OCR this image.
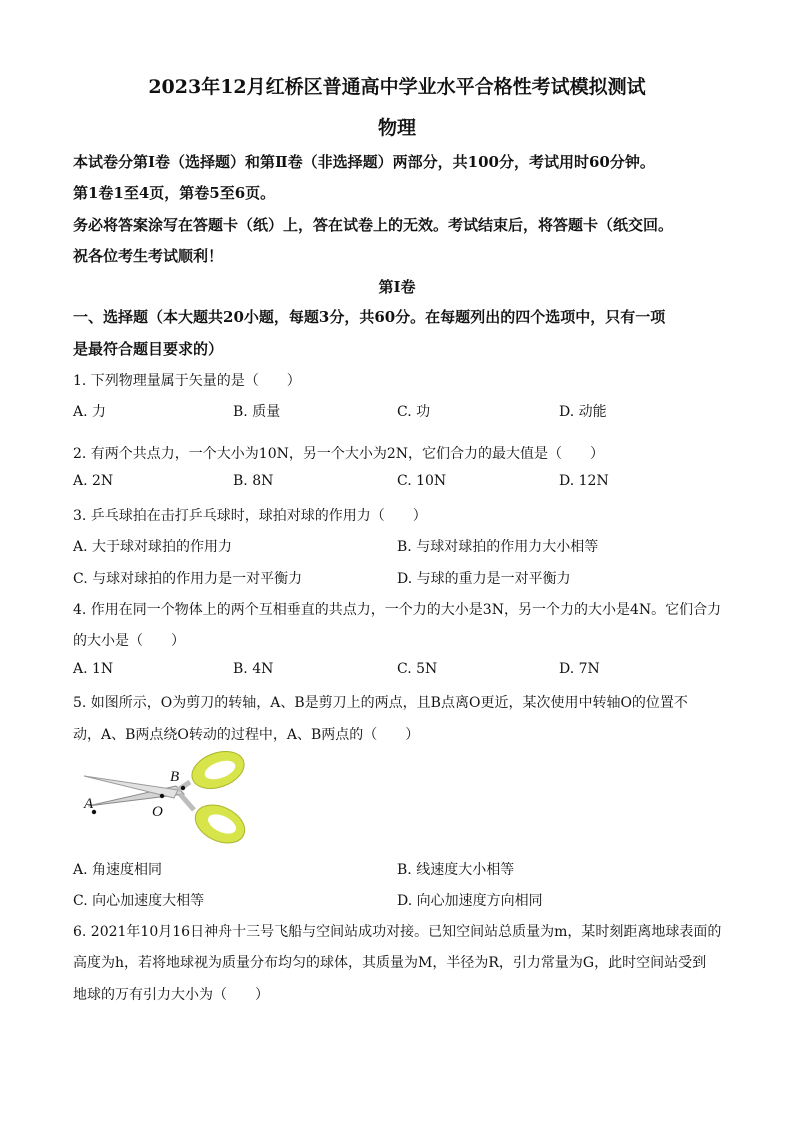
2023年12月红桥区普通高中学业水平合格性考试模拟测试
物理
本试卷分第Ⅰ卷（选择题）和第Ⅱ卷（非选择题）两部分，共100分，考试用时60分钟。
第1卷1至4页，第卷5至6页。
务必将答案涂写在答题卡（纸）上，答在试卷上的无效。考试结束后，将答题卡（纸交回。
祝各位考生考试顺利！
第Ⅰ卷
一、选择题（本大题共20小题，每题3分，共60分。在每题列出的四个选项中，只有一项
是最符合题目要求的）
1. 下列物理量属于矢量的是（　　）
A. 力	B. 质量	C. 功	D. 动能
2. 有两个共点力，一个大小为10N，另一个大小为2N，它们合力的最大值是（　　）
A. 2N	B. 8N	C. 10N	D. 12N
3. 乒乓球拍在击打乒乓球时，球拍对球的作用力（　　）
A. 大于球对球拍的作用力	B. 与球对球拍的作用力大小相等
C. 与球对球拍的作用力是一对平衡力	D. 与球的重力是一对平衡力
4. 作用在同一个物体上的两个互相垂直的共点力，一个力的大小是3N，另一个力的大小是4N。它们合力
的大小是（　　）
A. 1N	B. 4N	C. 5N	D. 7N
5. 如图所示，O为剪刀的转轴，A、B是剪刀上的两点，且B点离O更近，某次使用中转轴O的位置不
动，A、B两点绕O转动的过程中，A、B两点的（　　）
A
B
O
A. 角速度相同	B. 线速度大小相等
C. 向心加速度大相等	D. 向心加速度方向相同
6. 2021年10月16日神舟十三号飞船与空间站成功对接。已知空间站总质量为m，某时刻距离地球表面的
高度为h，若将地球视为质量分布均匀的球体，其质量为M，半径为R，引力常量为G，此时空间站受到
地球的万有引力大小为（　　）
